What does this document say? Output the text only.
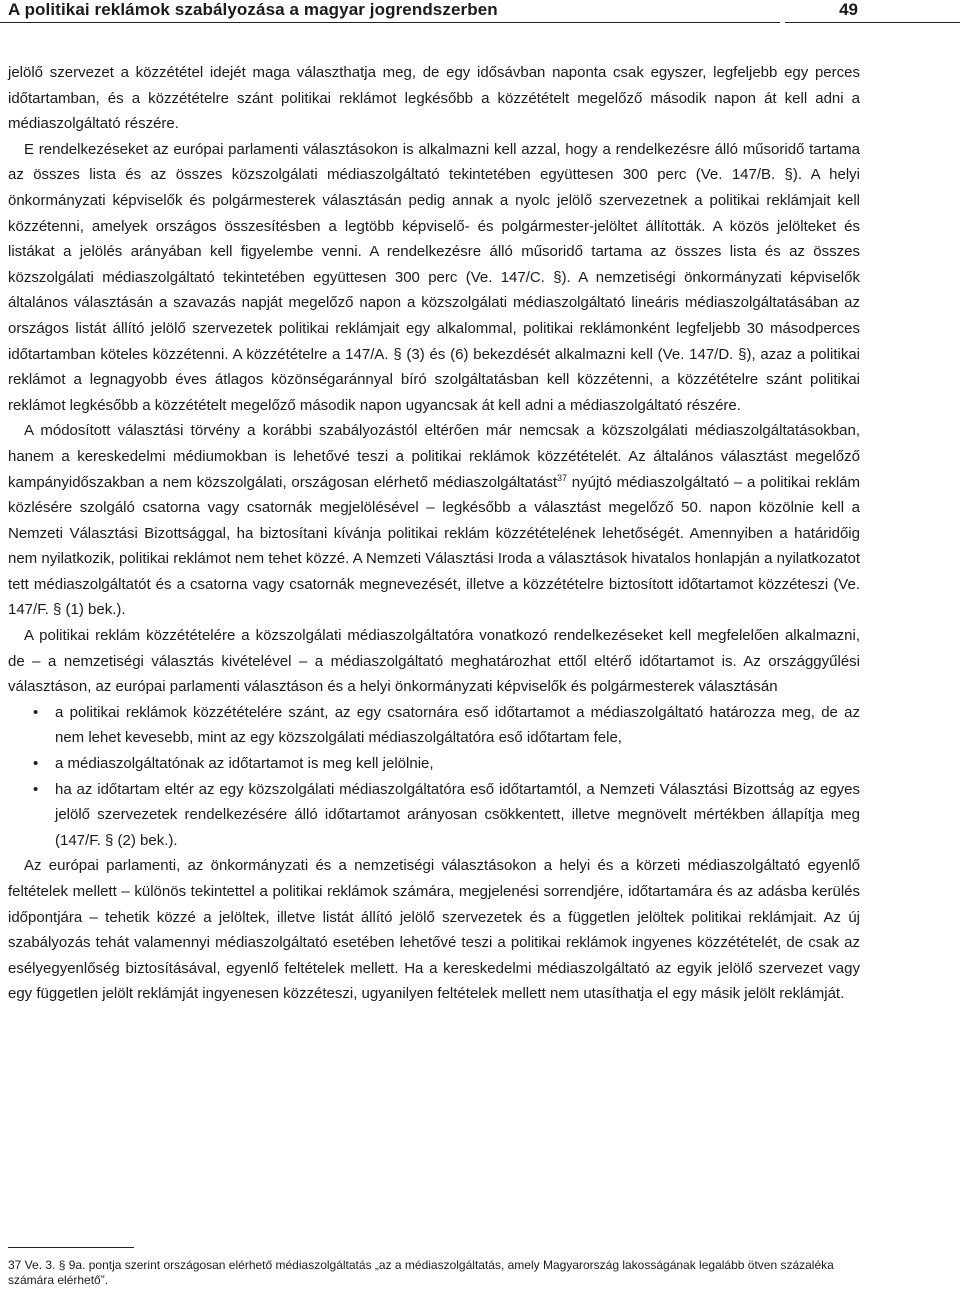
A politikai reklámok szabályozása a magyar jogrendszerben	49

jelölő szervezet a közzététel idejét maga választhatja meg, de egy idősávban naponta csak egyszer, legfeljebb egy perces időtartamban, és a közzétételre szánt politikai reklámot legkésőbb a közzétételt megelőző második napon át kell adni a médiaszolgáltató részére.

E rendelkezéseket az európai parlamenti választásokon is alkalmazni kell azzal, hogy a rendelkezésre álló műsoridő tartama az összes lista és az összes közszolgálati médiaszolgáltató tekintetében együttesen 300 perc (Ve. 147/B. §). A helyi önkormányzati képviselők és polgármesterek választásán pedig annak a nyolc jelölő szervezetnek a politikai reklámjait kell közzétenni, amelyek országos összesítésben a legtöbb képviselő- és polgármester-jelöltet állították. A közös jelölteket és listákat a jelölés arányában kell figyelembe venni. A rendelkezésre álló műsoridő tartama az összes lista és az összes közszolgálati médiaszolgáltató tekintetében együttesen 300 perc (Ve. 147/C. §). A nemzetiségi önkormányzati képviselők általános választásán a szavazás napját megelőző napon a közszolgálati médiaszolgáltató lineáris médiaszolgáltatásában az országos listát állító jelölő szervezetek politikai reklámjait egy alkalommal, politikai reklámonként legfeljebb 30 másodperces időtartamban köteles közzétenni. A közzétételre a 147/A. § (3) és (6) bekezdését alkalmazni kell (Ve. 147/D. §), azaz a politikai reklámot a legnagyobb éves átlagos közönségaránnyal bíró szolgáltatásban kell közzétenni, a közzétételre szánt politikai reklámot legkésőbb a közzétételt megelőző második napon ugyancsak át kell adni a médiaszolgáltató részére.

A módosított választási törvény a korábbi szabályozástól eltérően már nemcsak a közszolgálati médiaszolgáltatásokban, hanem a kereskedelmi médiumokban is lehetővé teszi a politikai reklámok közzétételét. Az általános választást megelőző kampányidőszakban a nem közszolgálati, országosan elérhető médiaszolgáltatást$^{37}$ nyújtó médiaszolgáltató – a politikai reklám közlésére szolgáló csatorna vagy csatornák megjelölésével – legkésőbb a választást megelőző 50. napon közölnie kell a Nemzeti Választási Bizottsággal, ha biztosítani kívánja politikai reklám közzétételének lehetőségét. Amennyiben a határidőig nem nyilatkozik, politikai reklámot nem tehet közzé. A Nemzeti Választási Iroda a választások hivatalos honlapján a nyilatkozatot tett médiaszolgáltatót és a csatorna vagy csatornák megnevezését, illetve a közzétételre biztosított időtartamot közzéteszi (Ve. 147/F. § (1) bek.).

A politikai reklám közzétételére a közszolgálati médiaszolgáltatóra vonatkozó rendelkezéseket kell megfelelően alkalmazni, de – a nemzetiségi választás kivételével – a médiaszolgáltató meghatározhat ettől eltérő időtartamot is. Az országgyűlési választáson, az európai parlamenti választáson és a helyi önkormányzati képviselők és polgármesterek választásán

•	a politikai reklámok közzétételére szánt, az egy csatornára eső időtartamot a médiaszolgáltató határozza meg, de az nem lehet kevesebb, mint az egy közszolgálati médiaszolgáltatóra eső időtartam fele,
•	a médiaszolgáltatónak az időtartamot is meg kell jelölnie,
•	ha az időtartam eltér az egy közszolgálati médiaszolgáltatóra eső időtartamtól, a Nemzeti Választási Bizottság az egyes jelölő szervezetek rendelkezésére álló időtartamot arányosan csökkentett, illetve megnövelt mértékben állapítja meg (147/F. § (2) bek.).

Az európai parlamenti, az önkormányzati és a nemzetiségi választásokon a helyi és a körzeti médiaszolgáltató egyenlő feltételek mellett – különös tekintettel a politikai reklámok számára, megjelenési sorrendjére, időtartamára és az adásba kerülés időpontjára – tehetik közzé a jelöltek, illetve listát állító jelölő szervezetek és a független jelöltek politikai reklámjait. Az új szabályozás tehát valamennyi médiaszolgáltató esetében lehetővé teszi a politikai reklámok ingyenes közzétételét, de csak az esélyegyenlőség biztosításával, egyenlő feltételek mellett. Ha a kereskedelmi médiaszolgáltató az egyik jelölő szervezet vagy egy független jelölt reklámját ingyenesen közzéteszi, ugyanilyen feltételek mellett nem utasíthatja el egy másik jelölt reklámját.

37 Ve. 3. § 9a. pontja szerint országosan elérhető médiaszolgáltatás „az a médiaszolgáltatás, amely Magyarország lakosságának legalább ötven százaléka számára elérhető”.
